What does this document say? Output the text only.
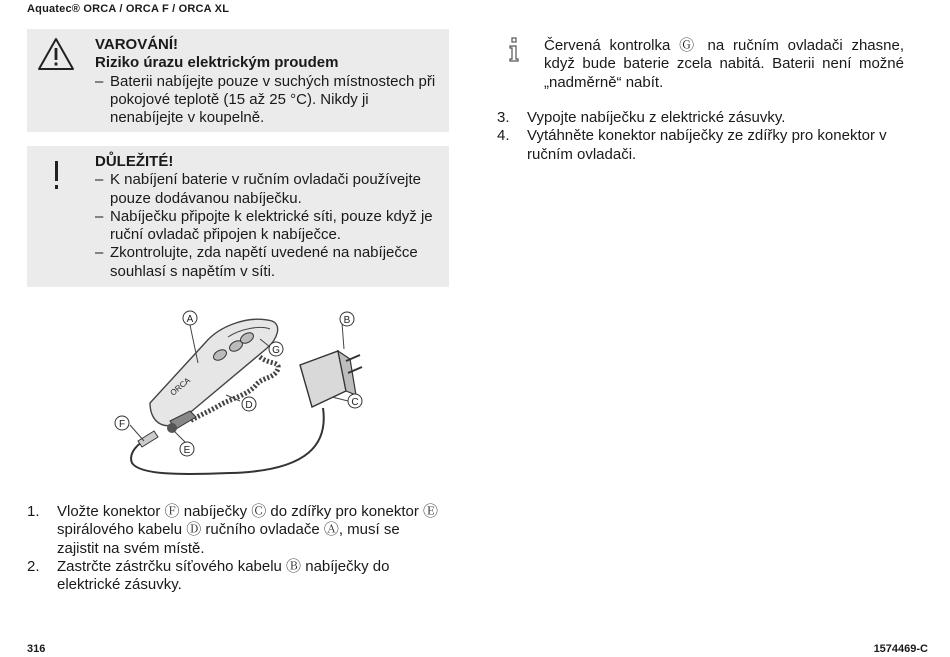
Aquatec® ORCA / ORCA F / ORCA XL
VAROVÁNÍ!
Riziko úrazu elektrickým proudem
– Baterii nabíjejte pouze v suchých místnostech při pokojové teplotě (15 až 25 °C). Nikdy ji nenabíjejte v koupelně.
DŮLEŽITÉ!
– K nabíjení baterie v ručním ovladači používejte pouze dodávanou nabíječku.
– Nabíječku připojte k elektrické síti, pouze když je ruční ovladač připojen k nabíječce.
– Zkontrolujte, zda napětí uvedené na nabíječce souhlasí s napětím v síti.
Červená kontrolka Ⓖ na ručním ovladači zhasne, když bude baterie zcela nabitá. Baterii není možné „nadměrně“ nabít.
3. Vypojte nabíječku z elektrické zásuvky.
4. Vytáhněte konektor nabíječky ze zdířky pro konektor v ručním ovladači.
ORCA
A	B
G
D	C
F
E
1. Vložte konektor Ⓕ nabíječky Ⓒ do zdířky pro konektor Ⓔ spirálového kabelu Ⓓ ručního ovladače Ⓐ, musí se zajistit na svém místě.
2. Zastrčte zástrčku síťového kabelu Ⓑ nabíječky do elektrické zásuvky.
316	1574469-C
